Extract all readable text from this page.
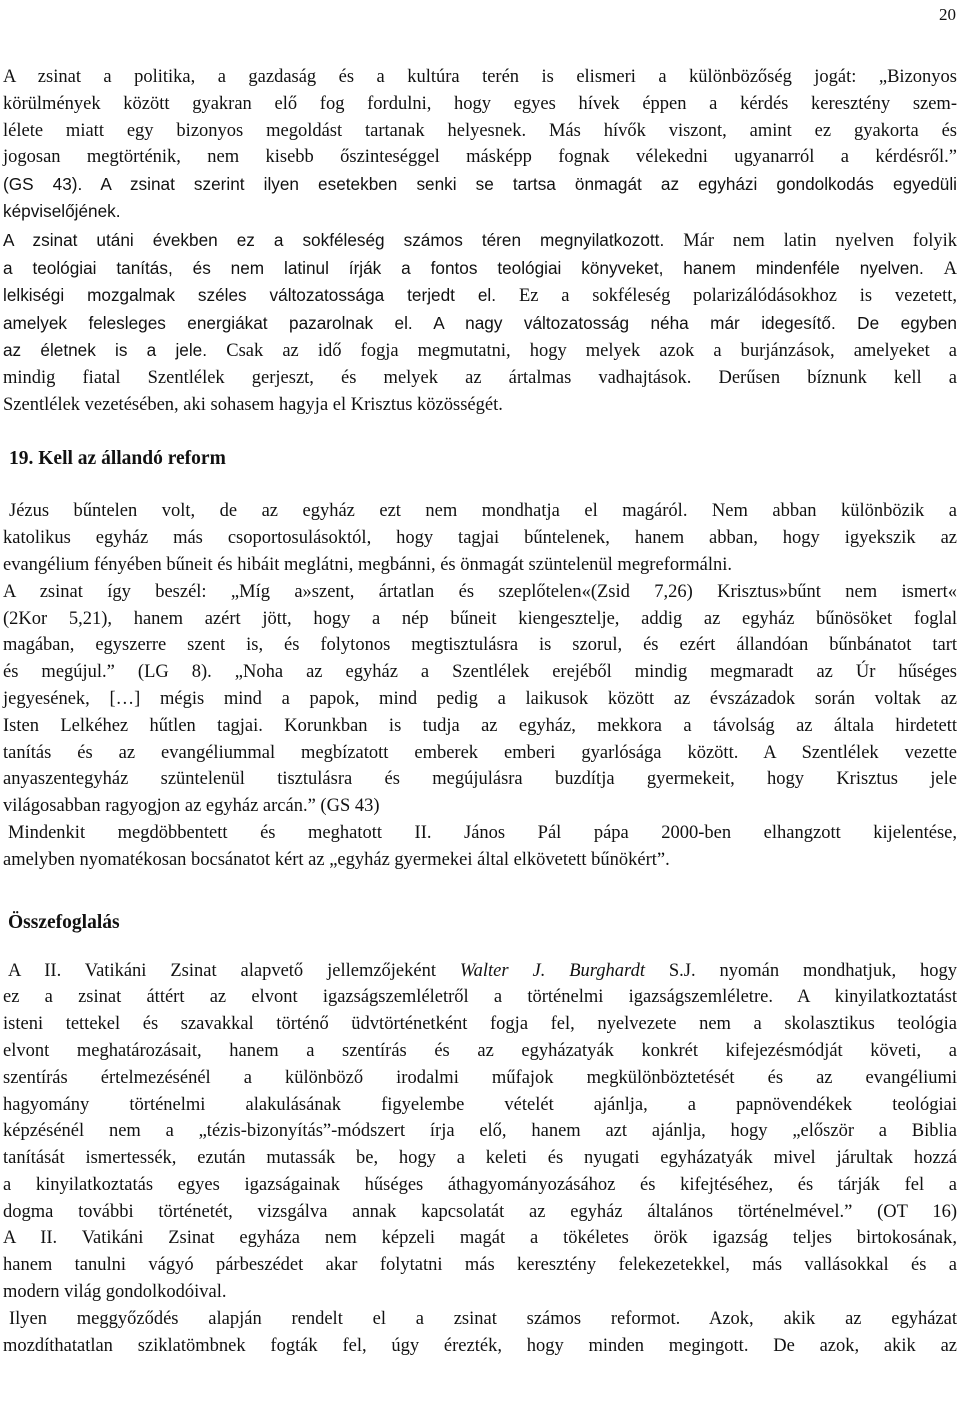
20

A zsinat a politika, a gazdaság és a kultúra terén is elismeri a különbözőség jogát: „Bizonyos

körülmények között gyakran elő fog fordulni, hogy egyes hívek éppen a kérdés keresztény szem-

lélete miatt egy bizonyos megoldást tartanak helyesnek. Más hívők viszont, amint ez gyakorta és

jogosan megtörténik, nem kisebb őszinteséggel másképp fognak vélekedni ugyanarról a kérdésről.”

(GS 43). A zsinat szerint ilyen esetekben senki se tartsa önmagát az egyházi gondolkodás egyedüli

képviselőjének.

A zsinat utáni években ez a sokféleség számos téren megnyilatkozott. Már nem latin nyelven folyik

a teológiai tanítás, és nem latinul írják a fontos teológiai könyveket, hanem mindenféle nyelven. A

lelkiségi mozgalmak széles változatossága terjedt el. Ez a sokféleség polarizálódásokhoz is vezetett,

amelyek felesleges energiákat pazarolnak el. A nagy változatosság néha már idegesítő. De egyben

az életnek is a jele. Csak az idő fogja megmutatni, hogy melyek azok a burjánzások, amelyeket a

mindig fiatal Szentlélek gerjeszt, és melyek az ártalmas vadhajtások. Derűsen bíznunk kell a

Szentlélek vezetésében, aki sohasem hagyja el Krisztus közösségét.

19. Kell az állandó reform

Jézus bűntelen volt, de az egyház ezt nem mondhatja el magáról. Nem abban különbözik a

katolikus egyház más csoportosulásoktól, hogy tagjai bűntelenek, hanem abban, hogy igyekszik az

evangélium fényében bűneit és hibáit meglátni, megbánni, és önmagát szüntelenül megreformálni.

A zsinat így beszél: „Míg a»szent, ártatlan és szeplőtelen«(Zsid 7,26) Krisztus»bűnt nem ismert«

(2Kor 5,21), hanem azért jött, hogy a nép bűneit kiengesztelje, addig az egyház bűnösöket foglal

magában, egyszerre szent is, és folytonos megtisztulásra is szorul, és ezért állandóan bűnbánatot tart

és megújul.” (LG 8). „Noha az egyház a Szentlélek erejéből mindig megmaradt az Úr hűséges

jegyesének, […] mégis mind a papok, mind pedig a laikusok között az évszázadok során voltak az

Isten Lelkéhez hűtlen tagjai. Korunkban is tudja az egyház, mekkora a távolság az általa hirdetett

tanítás és az evangéliummal megbízatott emberek emberi gyarlósága között. A Szentlélek vezette

anyaszentegyház szüntelenül tisztulásra és megújulásra buzdítja gyermekeit, hogy Krisztus jele

világosabban ragyogjon az egyház arcán.” (GS 43)

Mindenkit megdöbbentett és meghatott II. János Pál pápa 2000-ben elhangzott kijelentése,

amelyben nyomatékosan bocsánatot kért az „egyház gyermekei által elkövetett bűnökért”.

Összefoglalás

A II. Vatikáni Zsinat alapvető jellemzőjeként Walter J. Burghardt S.J. nyomán mondhatjuk, hogy

ez a zsinat áttért az elvont igazságszemléletről a történelmi igazságszemléletre. A kinyilatkoztatást

isteni tettekel és szavakkal történő üdvtörténetként fogja fel, nyelvezete nem a skolasztikus teológia

elvont meghatározásait, hanem a szentírás és az egyházatyák konkrét kifejezésmódját követi, a

szentírás értelmezésénél a különböző irodalmi műfajok megkülönböztetését és az evangéliumi

hagyomány történelmi alakulásának figyelembe vételét ajánlja, a papnövendékek teológiai

képzésénél nem a „tézis-bizonyítás”-módszert írja elő, hanem azt ajánlja, hogy „először a Biblia

tanítását ismertessék, ezután mutassák be, hogy a keleti és nyugati egyházatyák mivel járultak hozzá

a kinyilatkoztatás egyes igazságainak hűséges áthagyományozásához és kifejtéséhez, és tárják fel a

dogma további történetét, vizsgálva annak kapcsolatát az egyház általános történelmével.” (OT 16)

A II. Vatikáni Zsinat egyháza nem képzeli magát a tökéletes örök igazság teljes birtokosának,

hanem tanulni vágyó párbeszédet akar folytatni más keresztény felekezetekkel, más vallásokkal és a

modern világ gondolkodóival.

Ilyen meggyőződés alapján rendelt el a zsinat számos reformot. Azok, akik az egyházat

mozdíthatatlan sziklatömbnek fogták fel, úgy érezték, hogy minden megingott. De azok, akik az
